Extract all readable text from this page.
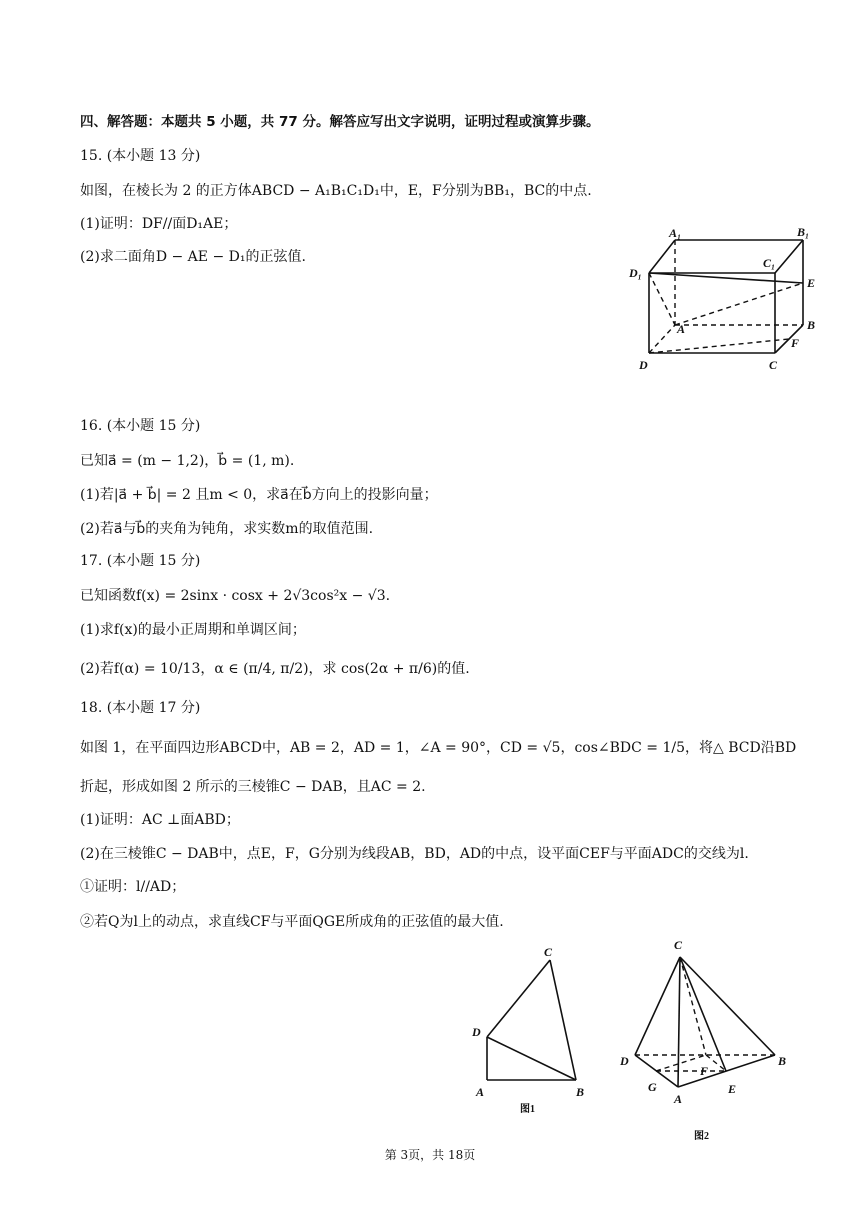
四、解答题：本题共 5 小题，共 77 分。解答应写出文字说明，证明过程或演算步骤。
15. (本小题 13 分)
如图，在棱长为 2 的正方体ABCD − A₁B₁C₁D₁中，E，F分别为BB₁，BC的中点.
(1)证明：DF//面D₁AE；
(2)求二面角D − AE − D₁的正弦值.
A₁	B₁
C₁
D₁
E
A	B
F
D	C
16. (本小题 15 分)
已知a⃗ = (m − 1,2)，b⃗ = (1, m).
(1)若|a⃗ + b⃗| = 2 且m < 0，求a⃗在b⃗方向上的投影向量；
(2)若a⃗与b⃗的夹角为钝角，求实数m的取值范围.
17. (本小题 15 分)
已知函数f(x) = 2sinx · cosx + 2√3cos²x − √3.
(1)求f(x)的最小正周期和单调区间；
(2)若f(α) = 10/13，α ∈ (π/4, π/2)，求 cos(2α + π/6)的值.
18. (本小题 17 分)
如图 1，在平面四边形ABCD中，AB = 2，AD = 1，∠A = 90°，CD = √5，cos∠BDC = 1/5，将△ BCD沿BD
折起，形成如图 2 所示的三棱锥C − DAB，且AC = 2.
(1)证明：AC ⊥面ABD；
(2)在三棱锥C − DAB中，点E，F，G分别为线段AB，BD，AD的中点，设平面CEF与平面ADC的交线为l.
①证明：l//AD；
②若Q为l上的动点，求直线CF与平面QGE所成角的正弦值的最大值.
C
D
A	B
图1
C
D
F
B
G	E
A
图2
第 3页，共 18页
